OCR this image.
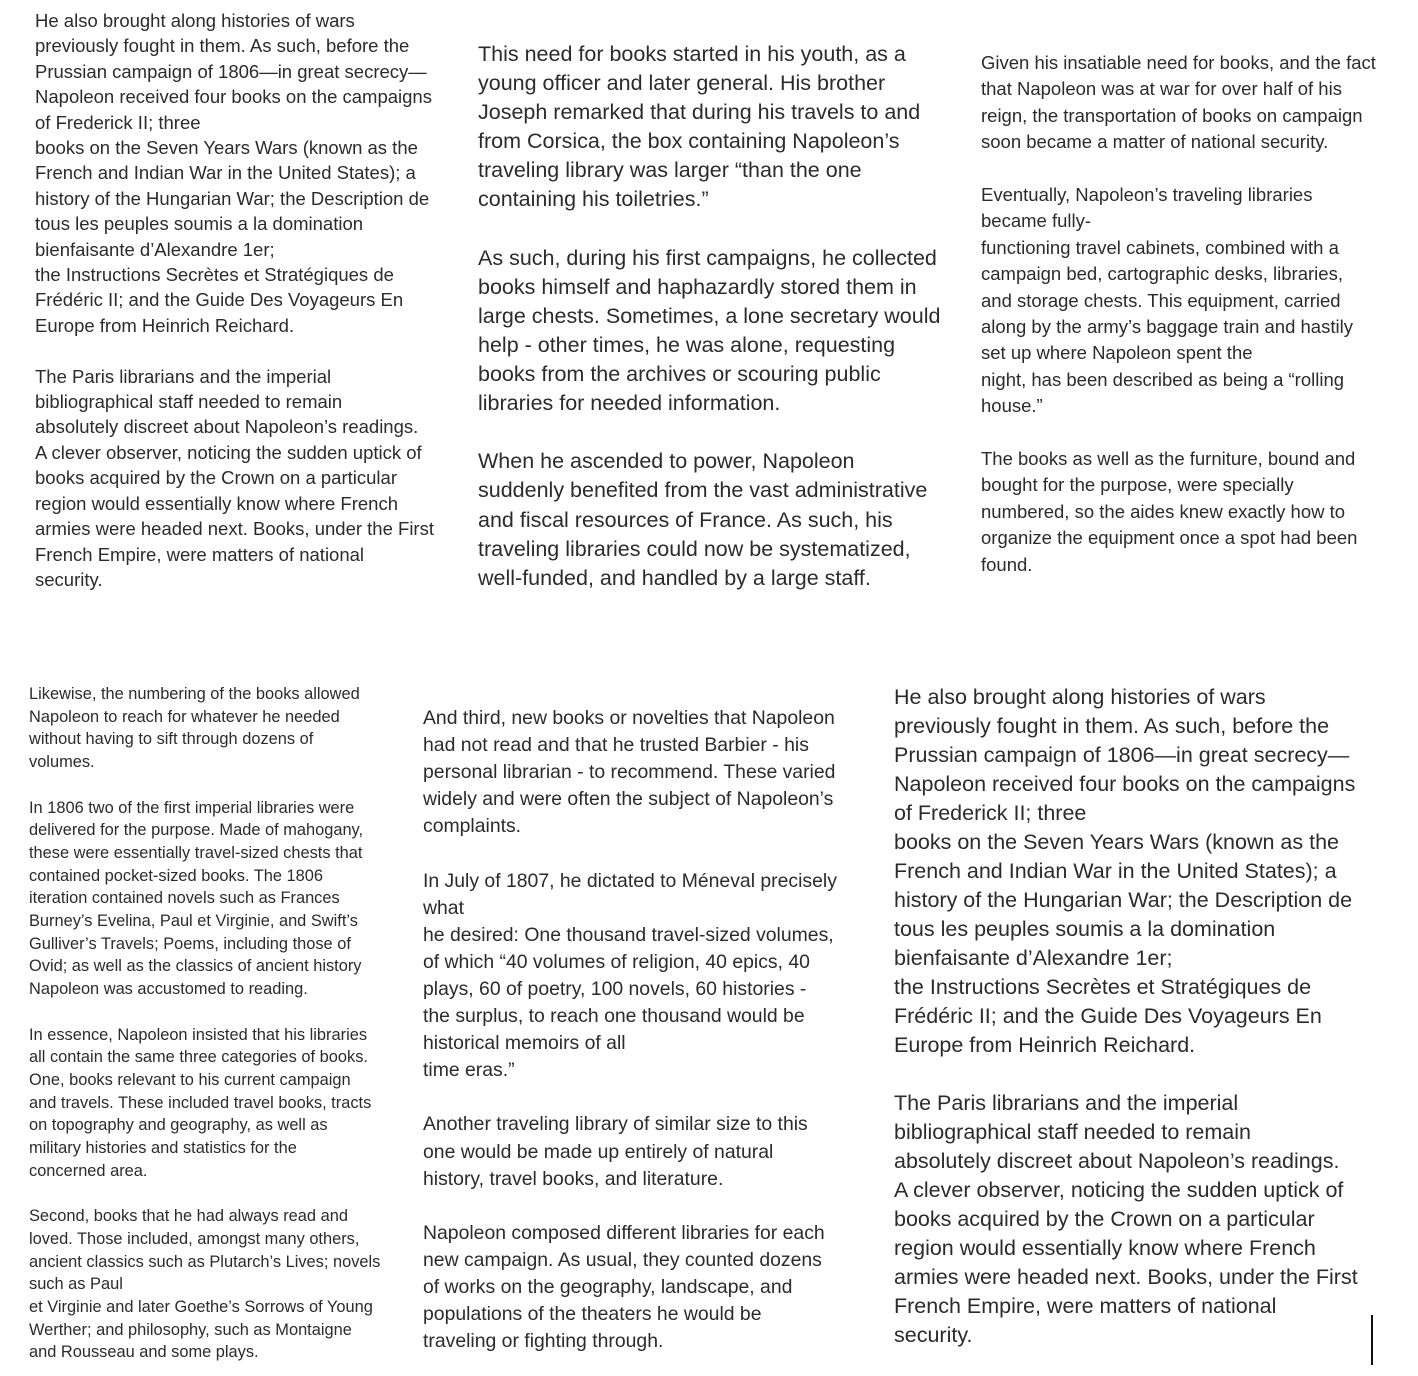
He also brought along histories of wars
previously fought in them. As such, before the
Prussian campaign of 1806—in great secrecy—
Napoleon received four books on the campaigns
of Frederick II; three
books on the Seven Years Wars (known as the
French and Indian War in the United States); a
history of the Hungarian War; the Description de
tous les peuples soumis a la domination
bienfaisante d’Alexandre 1er;
the Instructions Secrètes et Stratégiques de
Frédéric II; and the Guide Des Voyageurs En
Europe from Heinrich Reichard.

The Paris librarians and the imperial
bibliographical staff needed to remain
absolutely discreet about Napoleon’s readings.
A clever observer, noticing the sudden uptick of
books acquired by the Crown on a particular
region would essentially know where French
armies were headed next. Books, under the First
French Empire, were matters of national
security.

This need for books started in his youth, as a
young officer and later general. His brother
Joseph remarked that during his travels to and
from Corsica, the box containing Napoleon’s
traveling library was larger “than the one
containing his toiletries.”

As such, during his first campaigns, he collected
books himself and haphazardly stored them in
large chests. Sometimes, a lone secretary would
help - other times, he was alone, requesting
books from the archives or scouring public
libraries for needed information.

When he ascended to power, Napoleon
suddenly benefited from the vast administrative
and fiscal resources of France. As such, his
traveling libraries could now be systematized,
well-funded, and handled by a large staff.

Given his insatiable need for books, and the fact
that Napoleon was at war for over half of his
reign, the transportation of books on campaign
soon became a matter of national security.

Eventually, Napoleon’s traveling libraries
became fully-
functioning travel cabinets, combined with a
campaign bed, cartographic desks, libraries,
and storage chests. This equipment, carried
along by the army’s baggage train and hastily
set up where Napoleon spent the
night, has been described as being a “rolling
house.”

The books as well as the furniture, bound and
bought for the purpose, were specially
numbered, so the aides knew exactly how to
organize the equipment once a spot had been
found.

Likewise, the numbering of the books allowed
Napoleon to reach for whatever he needed
without having to sift through dozens of
volumes.

In 1806 two of the first imperial libraries were
delivered for the purpose. Made of mahogany,
these were essentially travel-sized chests that
contained pocket-sized books. The 1806
iteration contained novels such as Frances
Burney’s Evelina, Paul et Virginie, and Swift’s
Gulliver’s Travels; Poems, including those of
Ovid; as well as the classics of ancient history
Napoleon was accustomed to reading.

In essence, Napoleon insisted that his libraries
all contain the same three categories of books.
One, books relevant to his current campaign
and travels. These included travel books, tracts
on topography and geography, as well as
military histories and statistics for the
concerned area.

Second, books that he had always read and
loved. Those included, amongst many others,
ancient classics such as Plutarch’s Lives; novels
such as Paul
et Virginie and later Goethe’s Sorrows of Young
Werther; and philosophy, such as Montaigne
and Rousseau and some plays.

And third, new books or novelties that Napoleon
had not read and that he trusted Barbier - his
personal librarian - to recommend. These varied
widely and were often the subject of Napoleon’s
complaints.

In July of 1807, he dictated to Méneval precisely
what
he desired: One thousand travel-sized volumes,
of which “40 volumes of religion, 40 epics, 40
plays, 60 of poetry, 100 novels, 60 histories -
the surplus, to reach one thousand would be
historical memoirs of all
time eras.”

Another traveling library of similar size to this
one would be made up entirely of natural
history, travel books, and literature.

Napoleon composed different libraries for each
new campaign. As usual, they counted dozens
of works on the geography, landscape, and
populations of the theaters he would be
traveling or fighting through.

He also brought along histories of wars
previously fought in them. As such, before the
Prussian campaign of 1806—in great secrecy—
Napoleon received four books on the campaigns
of Frederick II; three
books on the Seven Years Wars (known as the
French and Indian War in the United States); a
history of the Hungarian War; the Description de
tous les peuples soumis a la domination
bienfaisante d’Alexandre 1er;
the Instructions Secrètes et Stratégiques de
Frédéric II; and the Guide Des Voyageurs En
Europe from Heinrich Reichard.

The Paris librarians and the imperial
bibliographical staff needed to remain
absolutely discreet about Napoleon’s readings.
A clever observer, noticing the sudden uptick of
books acquired by the Crown on a particular
region would essentially know where French
armies were headed next. Books, under the First
French Empire, were matters of national
security.
